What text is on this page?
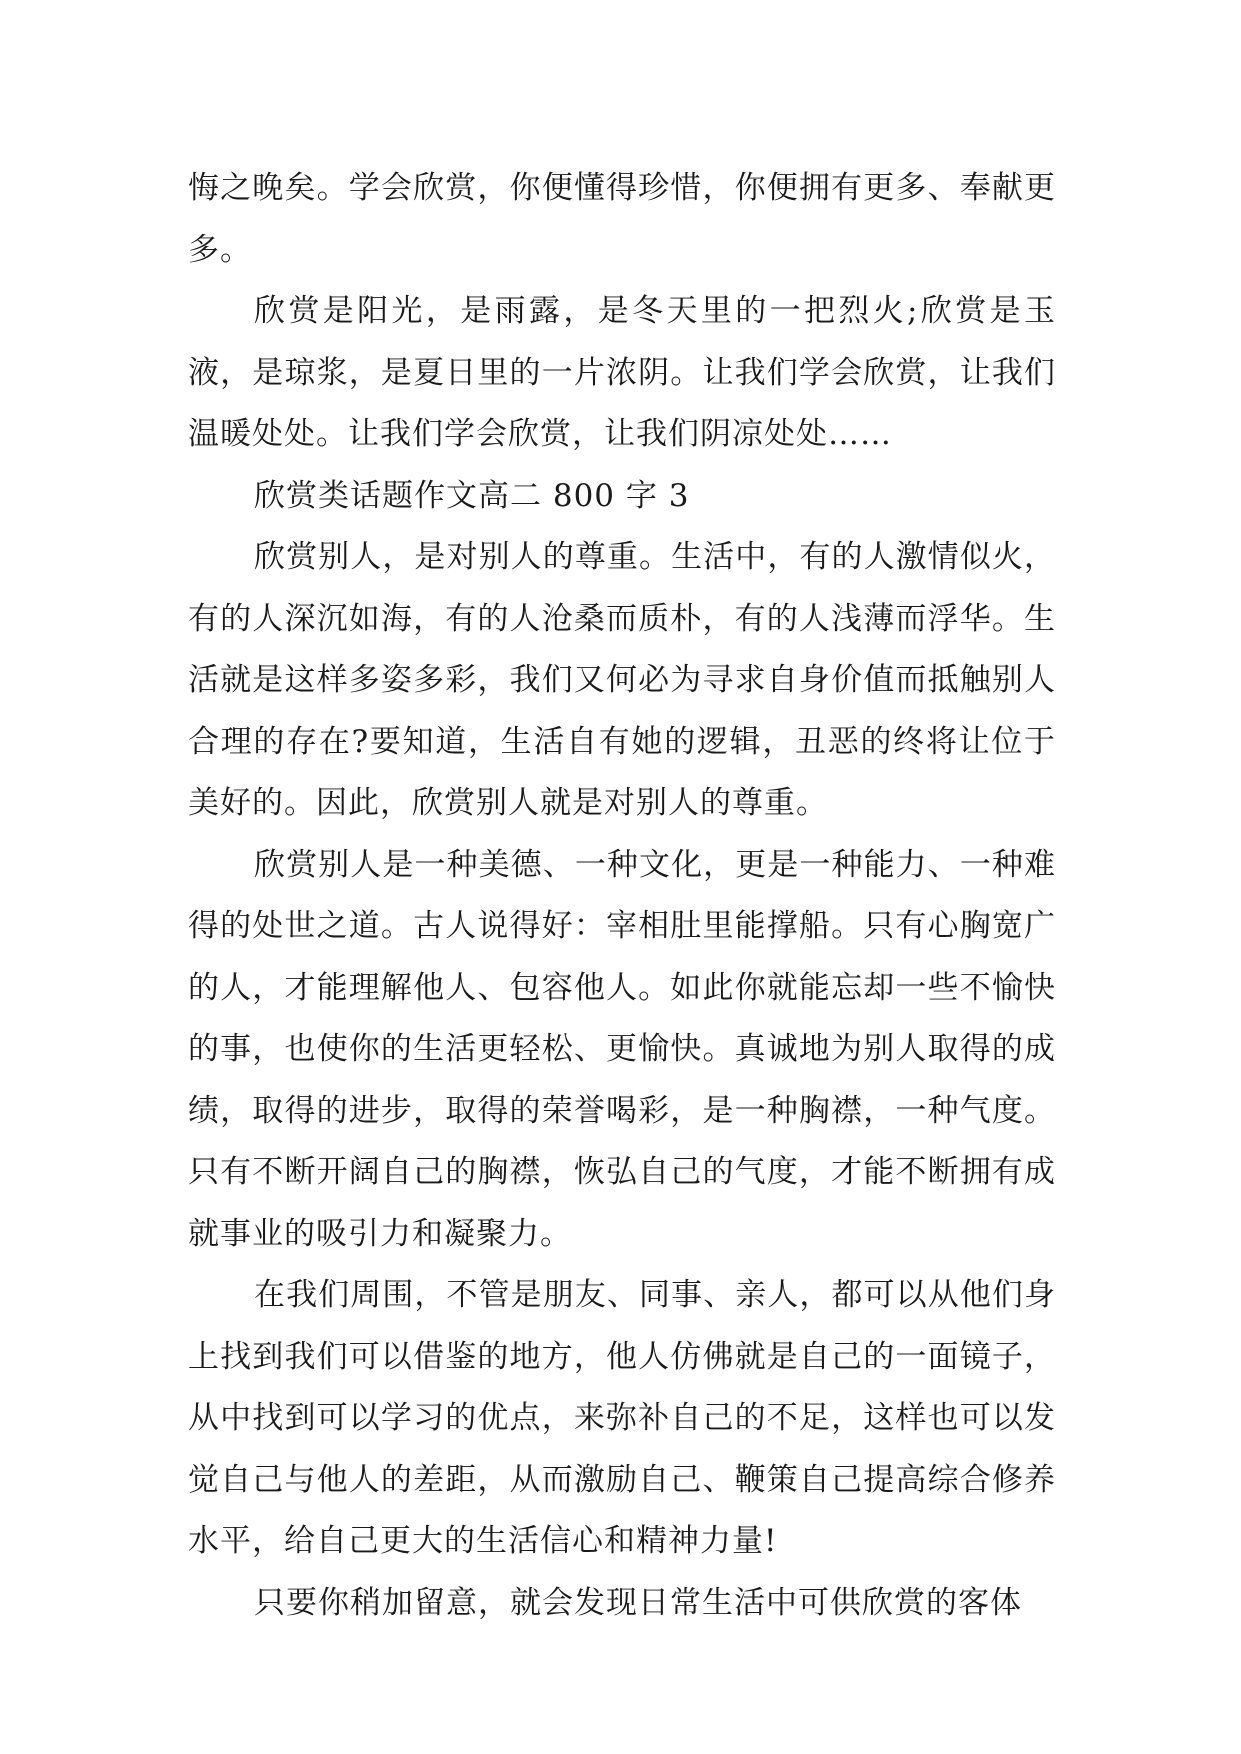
悔之晚矣。学会欣赏，你便懂得珍惜，你便拥有更多、奉献更多。

欣赏是阳光，是雨露，是冬天里的一把烈火;欣赏是玉液，是琼浆，是夏日里的一片浓阴。让我们学会欣赏，让我们温暖处处。让我们学会欣赏，让我们阴凉处处……

欣赏类话题作文高二 800 字 3

欣赏别人，是对别人的尊重。生活中，有的人激情似火，有的人深沉如海，有的人沧桑而质朴，有的人浅薄而浮华。生活就是这样多姿多彩，我们又何必为寻求自身价值而抵触别人合理的存在?要知道，生活自有她的逻辑，丑恶的终将让位于美好的。因此，欣赏别人就是对别人的尊重。

欣赏别人是一种美德、一种文化，更是一种能力、一种难得的处世之道。古人说得好：宰相肚里能撑船。只有心胸宽广的人，才能理解他人、包容他人。如此你就能忘却一些不愉快的事，也使你的生活更轻松、更愉快。真诚地为别人取得的成绩，取得的进步，取得的荣誉喝彩，是一种胸襟，一种气度。只有不断开阔自己的胸襟，恢弘自己的气度，才能不断拥有成就事业的吸引力和凝聚力。

在我们周围，不管是朋友、同事、亲人，都可以从他们身上找到我们可以借鉴的地方，他人仿佛就是自己的一面镜子，从中找到可以学习的优点，来弥补自己的不足，这样也可以发觉自己与他人的差距，从而激励自己、鞭策自己提高综合修养水平，给自己更大的生活信心和精神力量!

只要你稍加留意，就会发现日常生活中可供欣赏的客体
